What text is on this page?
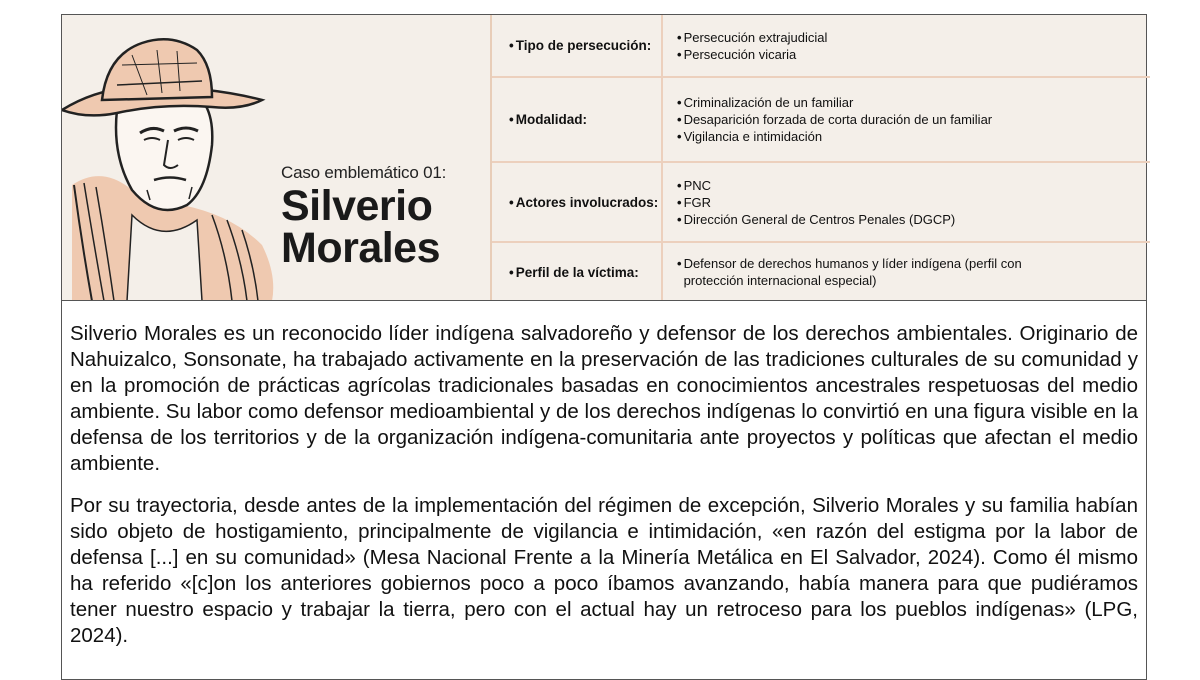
Caso emblemático 01:
Silverio
Morales
• Tipo de persecución:
• Persecución extrajudicial
• Persecución vicaria
• Modalidad:
• Criminalización de un familiar
• Desaparición forzada de corta duración de un familiar
• Vigilancia e intimidación
• Actores involucrados:
• PNC
• FGR
• Dirección General de Centros Penales (DGCP)
• Perfil de la víctima:
• Defensor de derechos humanos y líder indígena (perfil con protección internacional especial)

Silverio Morales es un reconocido líder indígena salvadoreño y defensor de los derechos ambientales. Originario de Nahuizalco, Sonsonate, ha trabajado activamente en la preservación de las tradiciones culturales de su comunidad y en la promoción de prácticas agrícolas tradicionales basadas en conocimientos ancestrales respetuosas del medio ambiente. Su labor como defensor medioambiental y de los derechos indígenas lo convirtió en una figura visible en la defensa de los territorios y de la organización indígena-comunitaria ante proyectos y políticas que afectan el medio ambiente.

Por su trayectoria, desde antes de la implementación del régimen de excepción, Silverio Morales y su familia habían sido objeto de hostigamiento, principalmente de vigilancia e intimidación, «en razón del estigma por la labor de defensa [...] en su comunidad» (Mesa Nacional Frente a la Minería Metálica en El Salvador, 2024). Como él mismo ha referido «[c]on los anteriores gobiernos poco a poco íbamos avanzando, había manera para que pudiéramos tener nuestro espacio y trabajar la tierra, pero con el actual hay un retroceso para los pueblos indígenas» (LPG, 2024).
